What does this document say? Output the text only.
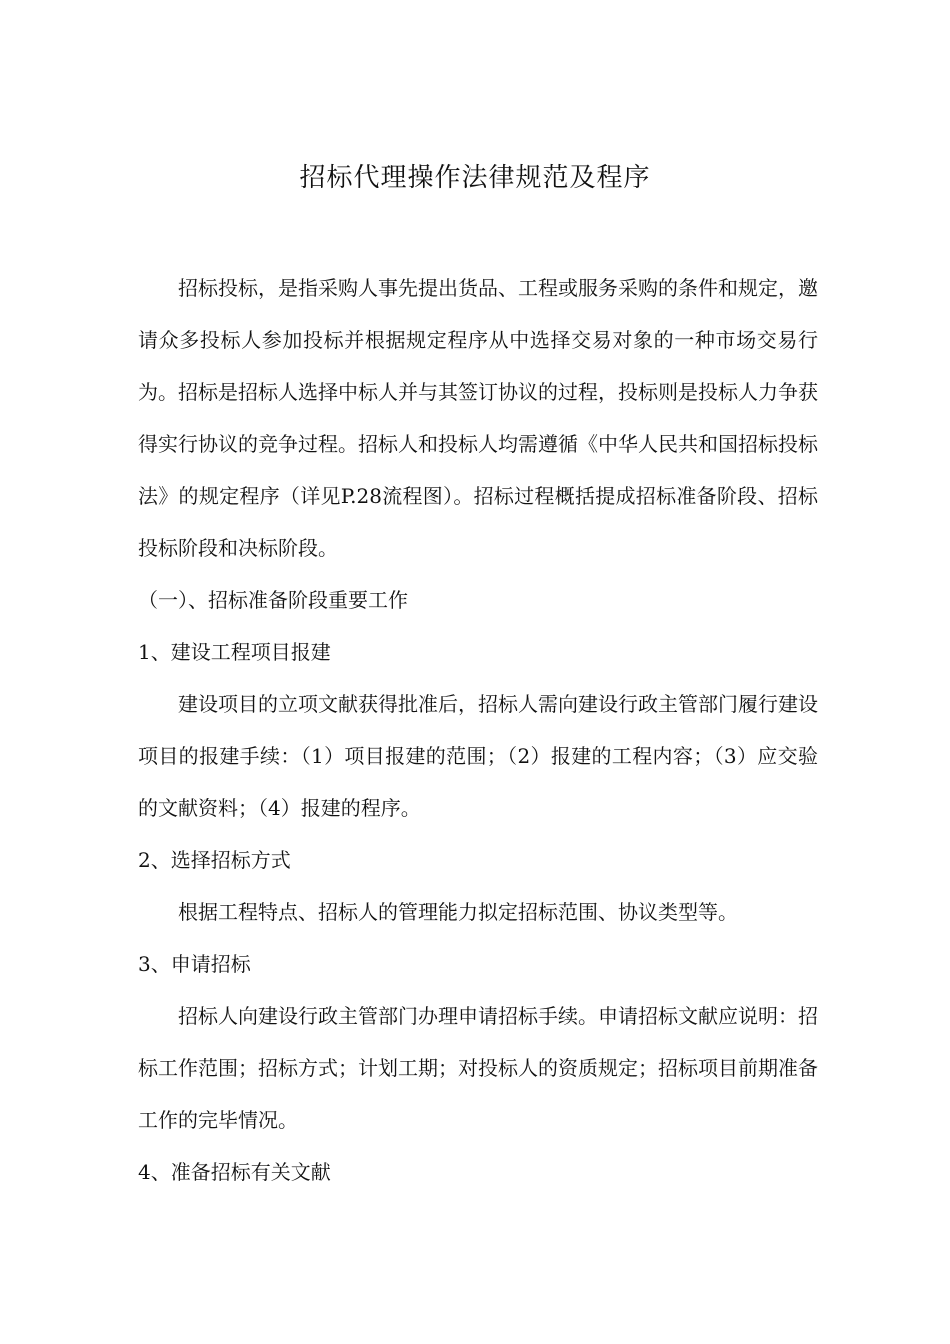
招标代理操作法律规范及程序

招标投标，是指采购人事先提出货品、工程或服务采购的条件和规定，邀请众多投标人参加投标并根据规定程序从中选择交易对象的一种市场交易行为。招标是招标人选择中标人并与其签订协议的过程，投标则是投标人力争获得实行协议的竞争过程。招标人和投标人均需遵循《中华人民共和国招标投标法》的规定程序（详见P.28流程图）。招标过程概括提成招标准备阶段、招标投标阶段和决标阶段。

（一）、招标准备阶段重要工作

1、建设工程项目报建

建设项目的立项文献获得批准后，招标人需向建设行政主管部门履行建设项目的报建手续：（1）项目报建的范围；（2）报建的工程内容；（3）应交验的文献资料；（4）报建的程序。

2、选择招标方式

根据工程特点、招标人的管理能力拟定招标范围、协议类型等。

3、申请招标

招标人向建设行政主管部门办理申请招标手续。申请招标文献应说明：招标工作范围；招标方式；计划工期；对投标人的资质规定；招标项目前期准备工作的完毕情况。

4、准备招标有关文献
